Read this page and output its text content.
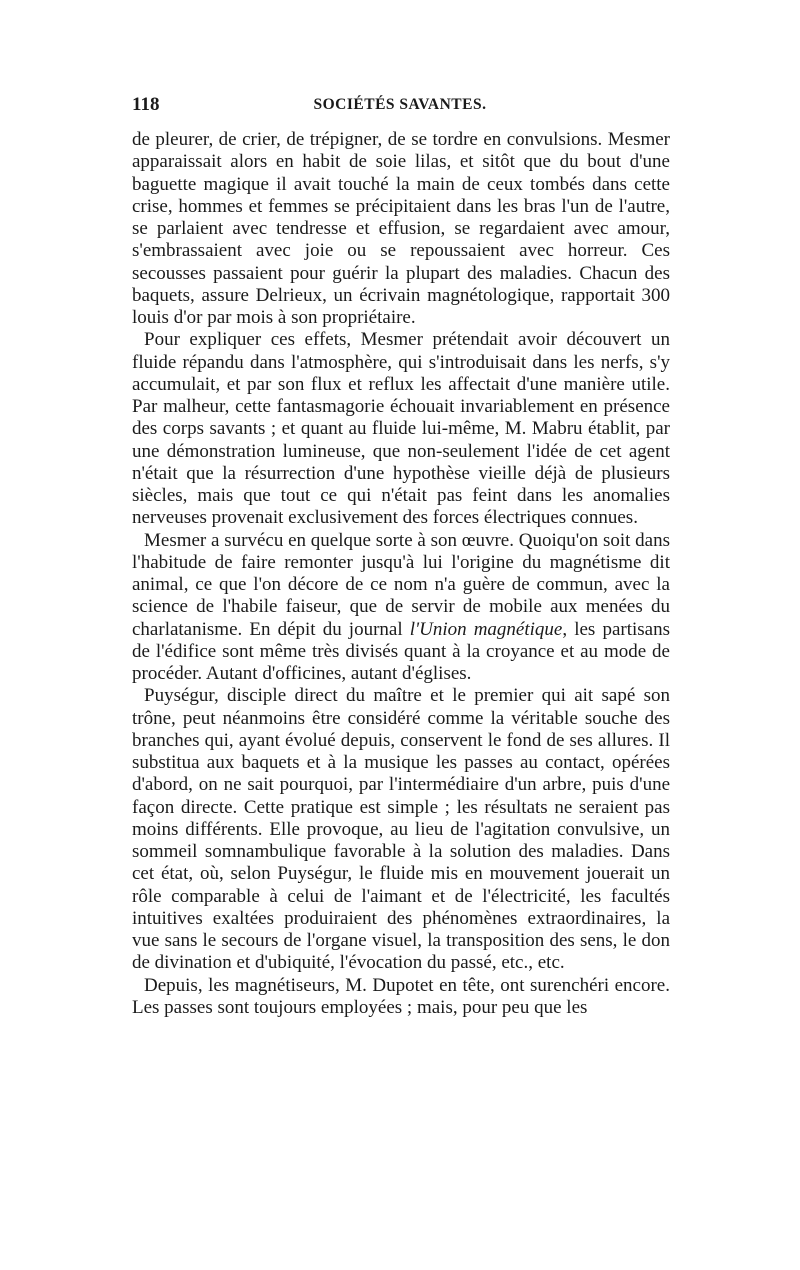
118	SOCIÉTÉS SAVANTES.

de pleurer, de crier, de trépigner, de se tordre en convulsions. Mesmer apparaissait alors en habit de soie lilas, et sitôt que du bout d'une baguette magique il avait touché la main de ceux tombés dans cette crise, hommes et femmes se précipitaient dans les bras l'un de l'autre, se parlaient avec tendresse et effusion, se regardaient avec amour, s'embrassaient avec joie ou se repoussaient avec horreur. Ces secousses passaient pour guérir la plupart des maladies. Chacun des baquets, assure Delrieux, un écrivain magnétologique, rapportait 300 louis d'or par mois à son propriétaire.

Pour expliquer ces effets, Mesmer prétendait avoir découvert un fluide répandu dans l'atmosphère, qui s'introduisait dans les nerfs, s'y accumulait, et par son flux et reflux les affectait d'une manière utile. Par malheur, cette fantasmagorie échouait invariablement en présence des corps savants ; et quant au fluide lui-même, M. Mabru établit, par une démonstration lumineuse, que non-seulement l'idée de cet agent n'était que la résurrection d'une hypothèse vieille déjà de plusieurs siècles, mais que tout ce qui n'était pas feint dans les anomalies nerveuses provenait exclusivement des forces électriques connues.

Mesmer a survécu en quelque sorte à son œuvre. Quoiqu'on soit dans l'habitude de faire remonter jusqu'à lui l'origine du magnétisme dit animal, ce que l'on décore de ce nom n'a guère de commun, avec la science de l'habile faiseur, que de servir de mobile aux menées du charlatanisme. En dépit du journal l'Union magnétique, les partisans de l'édifice sont même très divisés quant à la croyance et au mode de procéder. Autant d'officines, autant d'églises.

Puységur, disciple direct du maître et le premier qui ait sapé son trône, peut néanmoins être considéré comme la véritable souche des branches qui, ayant évolué depuis, conservent le fond de ses allures. Il substitua aux baquets et à la musique les passes au contact, opérées d'abord, on ne sait pourquoi, par l'intermédiaire d'un arbre, puis d'une façon directe. Cette pratique est simple ; les résultats ne seraient pas moins différents. Elle provoque, au lieu de l'agitation convulsive, un sommeil somnambulique favorable à la solution des maladies. Dans cet état, où, selon Puységur, le fluide mis en mouvement jouerait un rôle comparable à celui de l'aimant et de l'électricité, les facultés intuitives exaltées produiraient des phénomènes extraordinaires, la vue sans le secours de l'organe visuel, la transposition des sens, le don de divination et d'ubiquité, l'évocation du passé, etc., etc.

Depuis, les magnétiseurs, M. Dupotet en tête, ont surenchéri encore. Les passes sont toujours employées ; mais, pour peu que les
